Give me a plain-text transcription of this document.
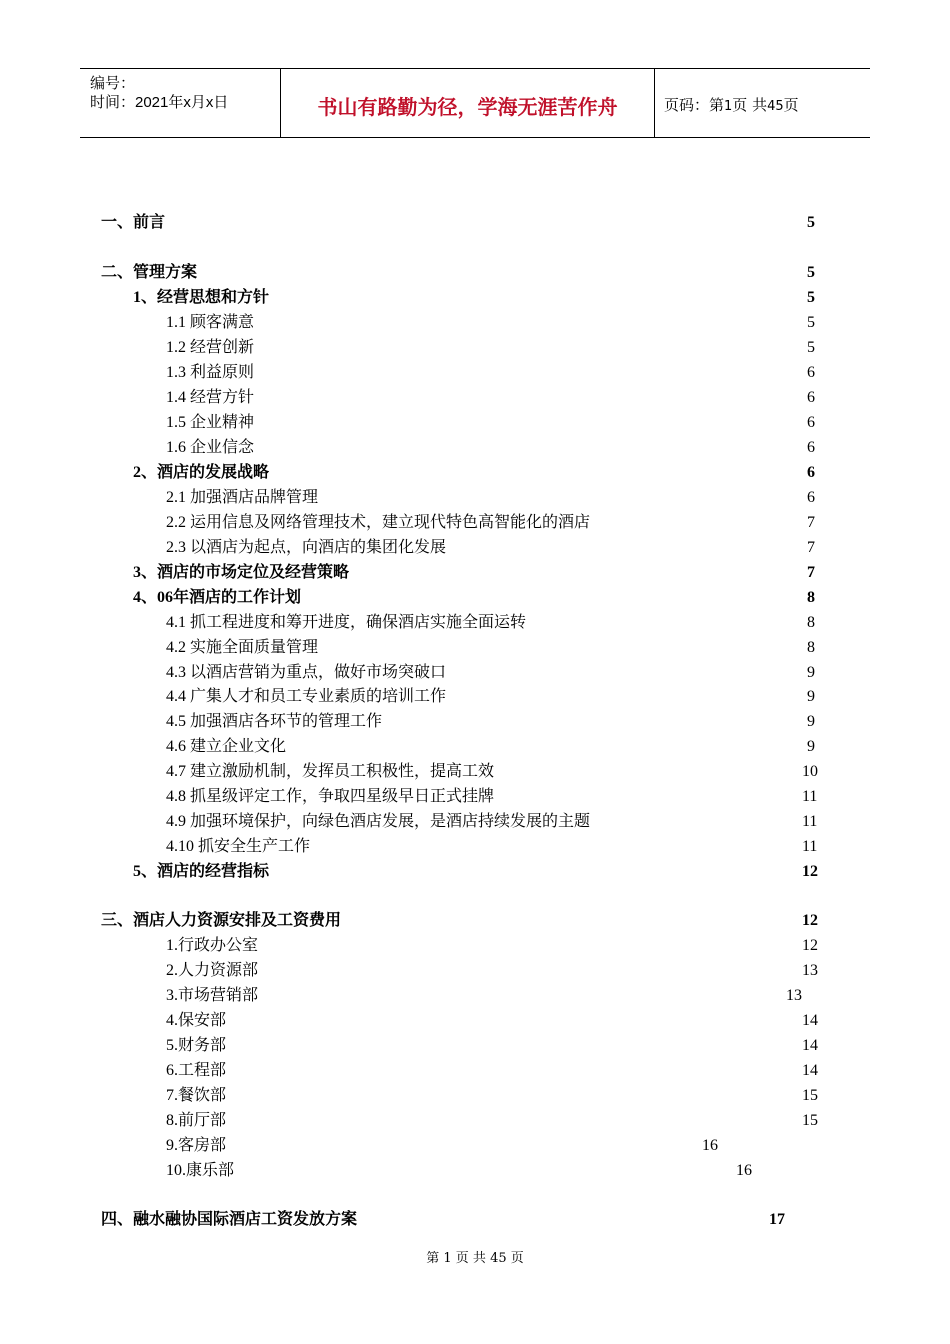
编号：
时间：2021年x月x日	书山有路勤为径，学海无涯苦作舟	页码：第1页 共45页
一、前言	5
二、管理方案	5
1、经营思想和方针	5
1.1 顾客满意	5
1.2 经营创新	5
1.3 利益原则	6
1.4 经营方针	6
1.5 企业精神	6
1.6 企业信念	6
2、酒店的发展战略	6
2.1 加强酒店品牌管理	6
2.2 运用信息及网络管理技术，建立现代特色高智能化的酒店	7
2.3 以酒店为起点，向酒店的集团化发展	7
3、酒店的市场定位及经营策略	7
4、06年酒店的工作计划	8
4.1 抓工程进度和筹开进度，确保酒店实施全面运转	8
4.2 实施全面质量管理	8
4.3 以酒店营销为重点，做好市场突破口	9
4.4 广集人才和员工专业素质的培训工作	9
4.5 加强酒店各环节的管理工作	9
4.6 建立企业文化	9
4.7 建立激励机制，发挥员工积极性，提高工效	10
4.8 抓星级评定工作，争取四星级早日正式挂牌	11
4.9 加强环境保护，向绿色酒店发展，是酒店持续发展的主题	11
4.10 抓安全生产工作	11
5、酒店的经营指标	12
三、酒店人力资源安排及工资费用	12
1.行政办公室	12
2.人力资源部	13
3.市场营销部	13
4.保安部	14
5.财务部	14
6.工程部	14
7.餐饮部	15
8.前厅部	15
9.客房部	16
10.康乐部	16
四、融水融协国际酒店工资发放方案	17
第 1 页 共 45 页
